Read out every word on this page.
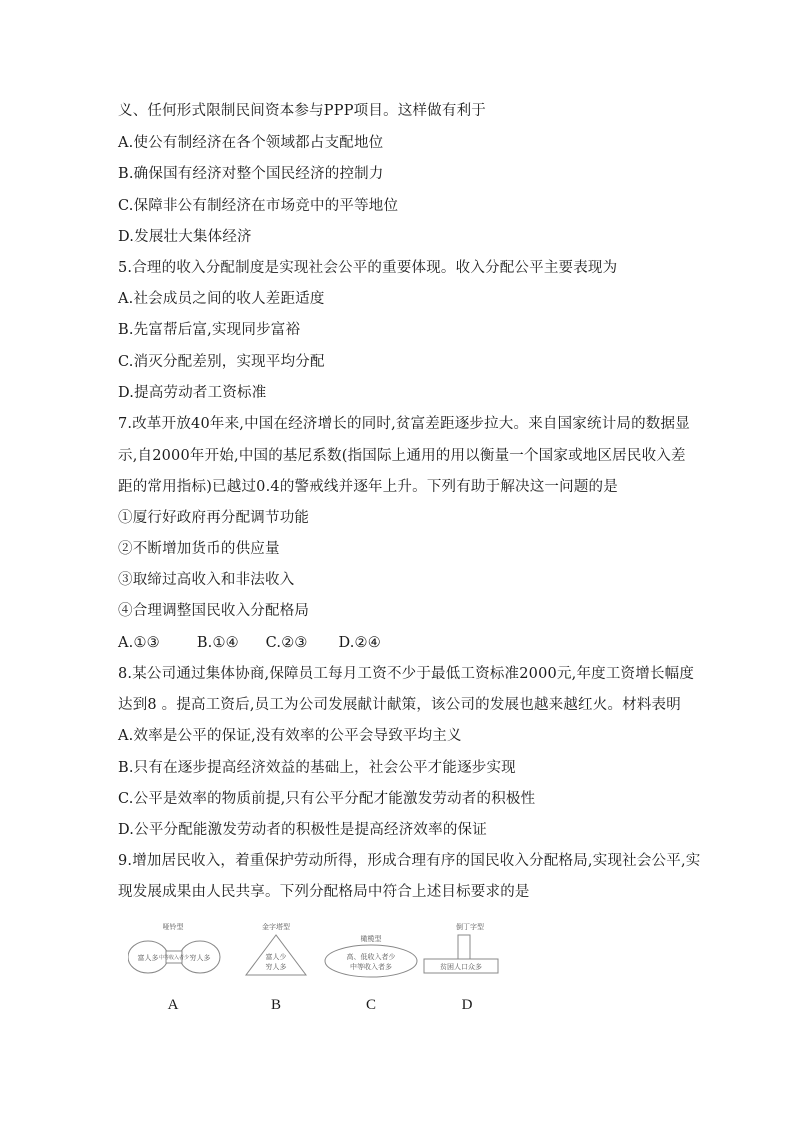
义、任何形式限制民间资本参与PPP项目。这样做有利于
A.使公有制经济在各个领域都占支配地位
B.确保国有经济对整个国民经济的控制力
C.保障非公有制经济在市场竞中的平等地位
D.发展壮大集体经济
5.合理的收入分配制度是实现社会公平的重要体现。收入分配公平主要表现为
A.社会成员之间的收人差距适度
B.先富帮后富,实现同步富裕
C.消灭分配差别，实现平均分配
D.提高劳动者工资标准
7.改革开放40年来,中国在经济增长的同时,贫富差距逐步拉大。来自国家统计局的数据显
示,自2000年开始,中国的基尼系数(指国际上通用的用以衡量一个国家或地区居民收入差
距的常用指标)已越过0.4的警戒线并逐年上升。下列有助于解决这一问题的是
①厦行好政府再分配调节功能
②不断增加货币的供应量
③取缔过高收入和非法收入
④合理调整国民收入分配格局
A.①③	B.①④ C.②③ D.②④
8.某公司通过集体协商,保障员工每月工资不少于最低工资标准2000元,年度工资增长幅度
达到8 。提高工资后,员工为公司发展献计献策，该公司的发展也越来越红火。材料表明
A.效率是公平的保证,没有效率的公平会导致平均主义
B.只有在逐步提高经济效益的基础上，社会公平才能逐步实现
C.公平是效率的物质前提,只有公平分配才能激发劳动者的积极性
D.公平分配能激发劳动者的积极性是提高经济效率的保证
9.增加居民收入，着重保护劳动所得，形成合理有序的国民收入分配格局,实现社会公平,实
现发展成果由人民共享。下列分配格局中符合上述目标要求的是
哑铃型
富人多 中等收入者少 穷人多
金字塔型
富人少
穷人多
橄榄型
高、低收入者少
中等收入者多
倒丁字型
贫困人口众多
A	B	C	D
